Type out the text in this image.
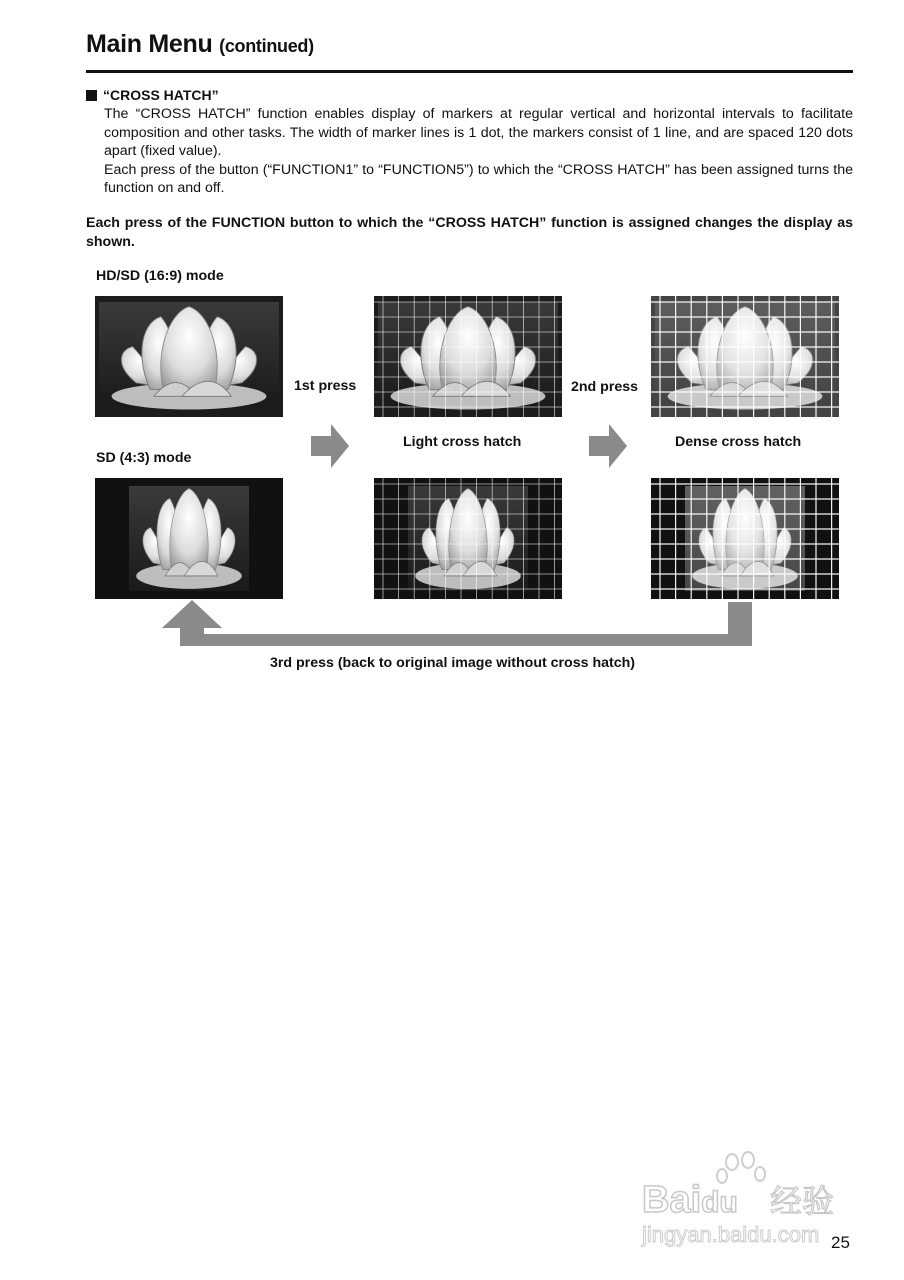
Main Menu (continued)
“CROSS HATCH”

The “CROSS HATCH” function enables display of markers at regular vertical and horizontal intervals to facilitate composition and other tasks. The width of marker lines is 1 dot, the markers consist of 1 line, and are spaced 120 dots apart (fixed value).

Each press of the button (“FUNCTION1” to “FUNCTION5”) to which the “CROSS HATCH” has been assigned turns the function on and off.

Each press of the FUNCTION button to which the “CROSS HATCH” function is assigned changes the display as shown.
HD/SD (16:9) mode
SD (4:3) mode
1st press	2nd press
Light cross hatch	Dense cross hatch
3rd press (back to original image without cross hatch)
25
Baidu 经验
jingyan.baidu.com
